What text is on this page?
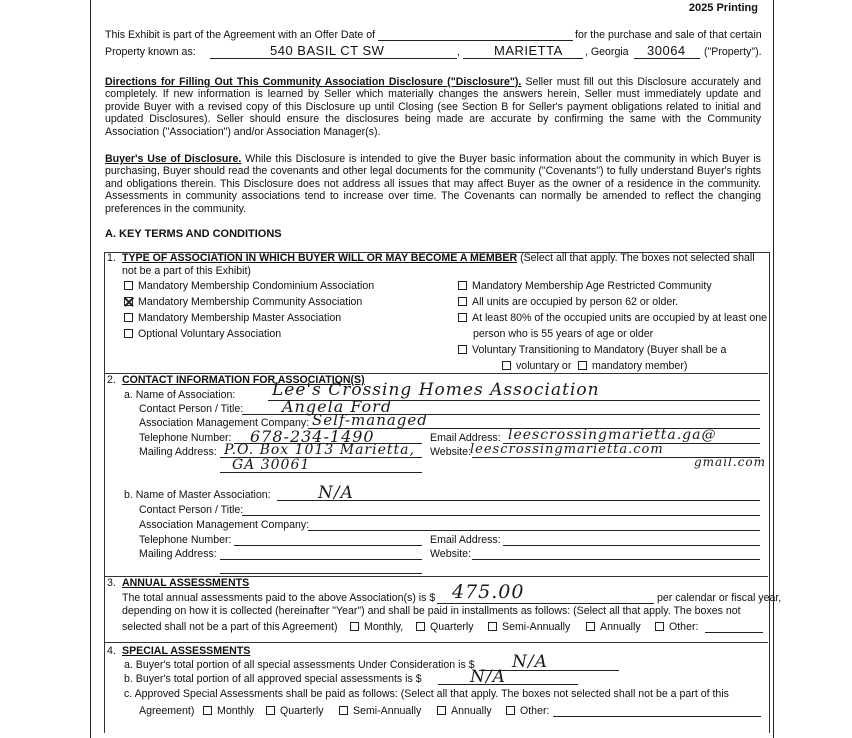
2025 Printing
This Exhibit is part of the Agreement with an Offer Date of	for the purchase and sale of that certain
Property known as:	540 BASIL CT SW	,	MARIETTA , Georgia 30064 ("Property").
Directions for Filling Out This Community Association Disclosure ("Disclosure"). Seller must fill out this Disclosure accurately and completely. If new information is learned by Seller which materially changes the answers herein, Seller must immediately update and provide Buyer with a revised copy of this Disclosure up until Closing (see Section B for Seller's payment obligations related to initial and updated Disclosures). Seller should ensure the disclosures being made are accurate by confirming the same with the Community Association ("Association") and/or Association Manager(s).
Buyer's Use of Disclosure. While this Disclosure is intended to give the Buyer basic information about the community in which Buyer is purchasing, Buyer should read the covenants and other legal documents for the community ("Covenants") to fully understand Buyer's rights and obligations therein. This Disclosure does not address all issues that may affect Buyer as the owner of a residence in the community. Assessments in community associations tend to increase over time. The Covenants can normally be amended to reflect the changing preferences in the community.
A. KEY TERMS AND CONDITIONS
1. TYPE OF ASSOCIATION IN WHICH BUYER WILL OR MAY BECOME A MEMBER (Select all that apply. The boxes not selected shall
not be a part of this Exhibit)
Mandatory Membership Condominium Association
Mandatory Membership Community Association
Mandatory Membership Master Association
Optional Voluntary Association
Mandatory Membership Age Restricted Community
All units are occupied by person 62 or older.
At least 80% of the occupied units are occupied by at least one
person who is 55 years of age or older
Voluntary Transitioning to Mandatory (Buyer shall be a
voluntary or	mandatory member)
2. CONTACT INFORMATION FOR ASSOCIATION(S)
a. Name of Association: Lee's Crossing Homes Association
Contact Person / Title: Angela Ford
Association Management Company: Self-managed
Telephone Number: 678-234-1490	Email Address: leescrossingmarietta.ga@
Mailing Address: P.O. Box 1013 Marietta, Website:
leescrossingmarietta.com
GA 30061	gmail.com
b. Name of Master Association:	N/A
Contact Person / Title:
Association Management Company:
Telephone Number:	Email Address:
Mailing Address:	Website:
3. ANNUAL ASSESSMENTS
The total annual assessments paid to the above Association(s) is $ 475.00	per calendar or fiscal year,
depending on how it is collected (hereinafter "Year") and shall be paid in installments as follows: (Select all that apply. The boxes not
selected shall not be a part of this Agreement)	Monthly,	Quarterly	Semi-Annually	Annually	Other:
4. SPECIAL ASSESSMENTS
a. Buyer's total portion of all special assessments Under Consideration is $ N/A
b. Buyer's total portion of all approved special assessments is $	N/A
c. Approved Special Assessments shall be paid as follows: (Select all that apply. The boxes not selected shall not be a part of this
Agreement)	Monthly	Quarterly	Semi-Annually	Annually	Other:
